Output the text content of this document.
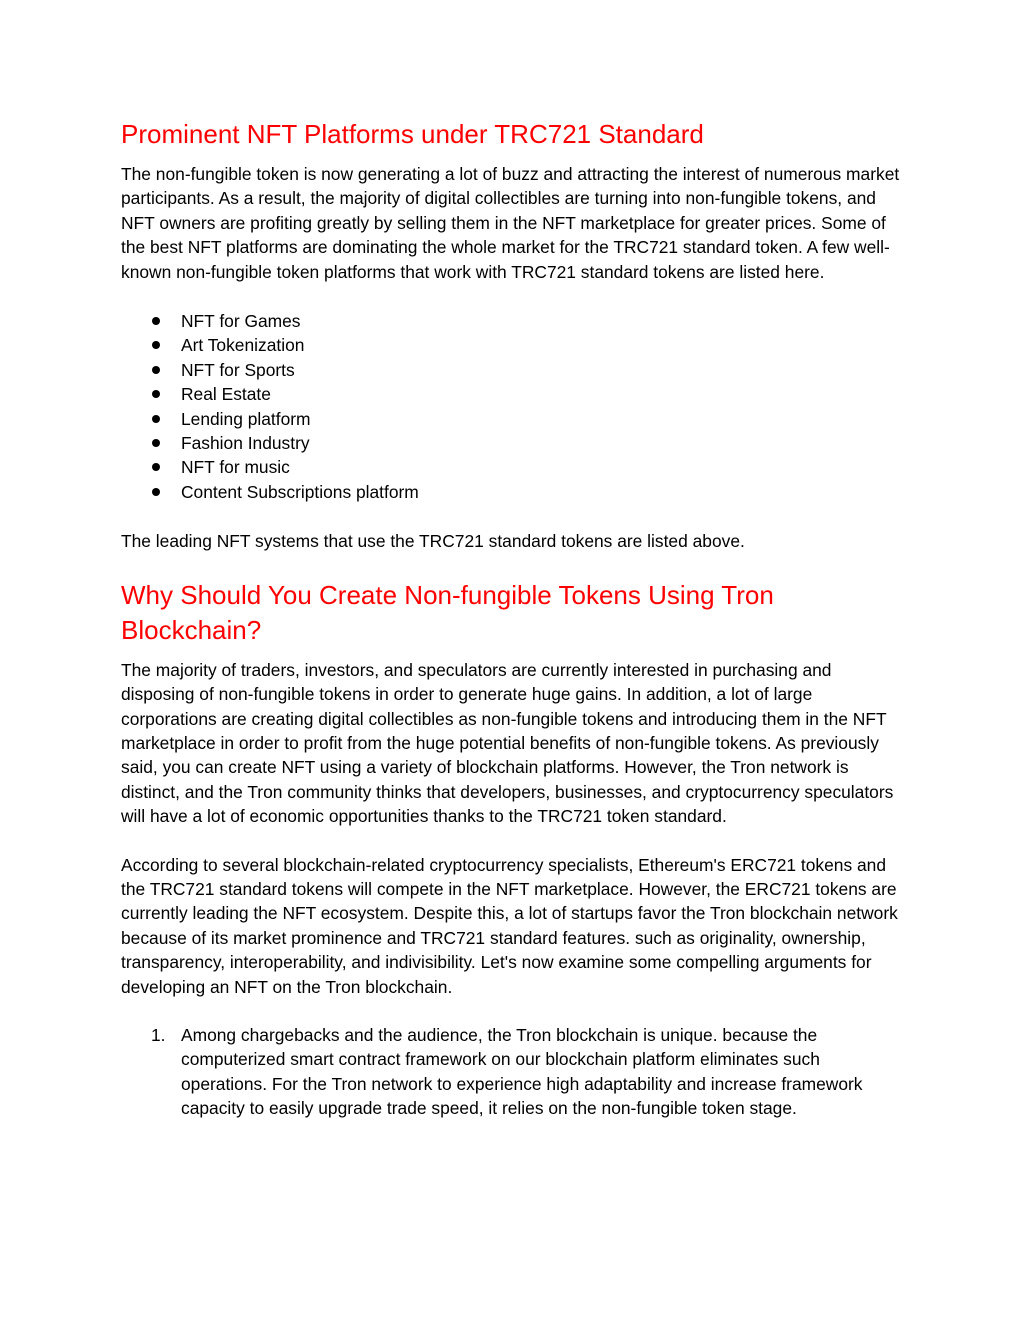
Prominent NFT Platforms under TRC721 Standard

The non-fungible token is now generating a lot of buzz and attracting the interest of numerous market participants. As a result, the majority of digital collectibles are turning into non-fungible tokens, and NFT owners are profiting greatly by selling them in the NFT marketplace for greater prices. Some of the best NFT platforms are dominating the whole market for the TRC721 standard token. A few well-known non-fungible token platforms that work with TRC721 standard tokens are listed here.

NFT for Games
Art Tokenization
NFT for Sports
Real Estate
Lending platform
Fashion Industry
NFT for music
Content Subscriptions platform

The leading NFT systems that use the TRC721 standard tokens are listed above.

Why Should You Create Non-fungible Tokens Using Tron Blockchain?

The majority of traders, investors, and speculators are currently interested in purchasing and disposing of non-fungible tokens in order to generate huge gains. In addition, a lot of large corporations are creating digital collectibles as non-fungible tokens and introducing them in the NFT marketplace in order to profit from the huge potential benefits of non-fungible tokens. As previously said, you can create NFT using a variety of blockchain platforms. However, the Tron network is distinct, and the Tron community thinks that developers, businesses, and cryptocurrency speculators will have a lot of economic opportunities thanks to the TRC721 token standard.

According to several blockchain-related cryptocurrency specialists, Ethereum's ERC721 tokens and the TRC721 standard tokens will compete in the NFT marketplace. However, the ERC721 tokens are currently leading the NFT ecosystem. Despite this, a lot of startups favor the Tron blockchain network because of its market prominence and TRC721 standard features. such as originality, ownership, transparency, interoperability, and indivisibility. Let's now examine some compelling arguments for developing an NFT on the Tron blockchain.

1. Among chargebacks and the audience, the Tron blockchain is unique. because the computerized smart contract framework on our blockchain platform eliminates such operations. For the Tron network to experience high adaptability and increase framework capacity to easily upgrade trade speed, it relies on the non-fungible token stage.
